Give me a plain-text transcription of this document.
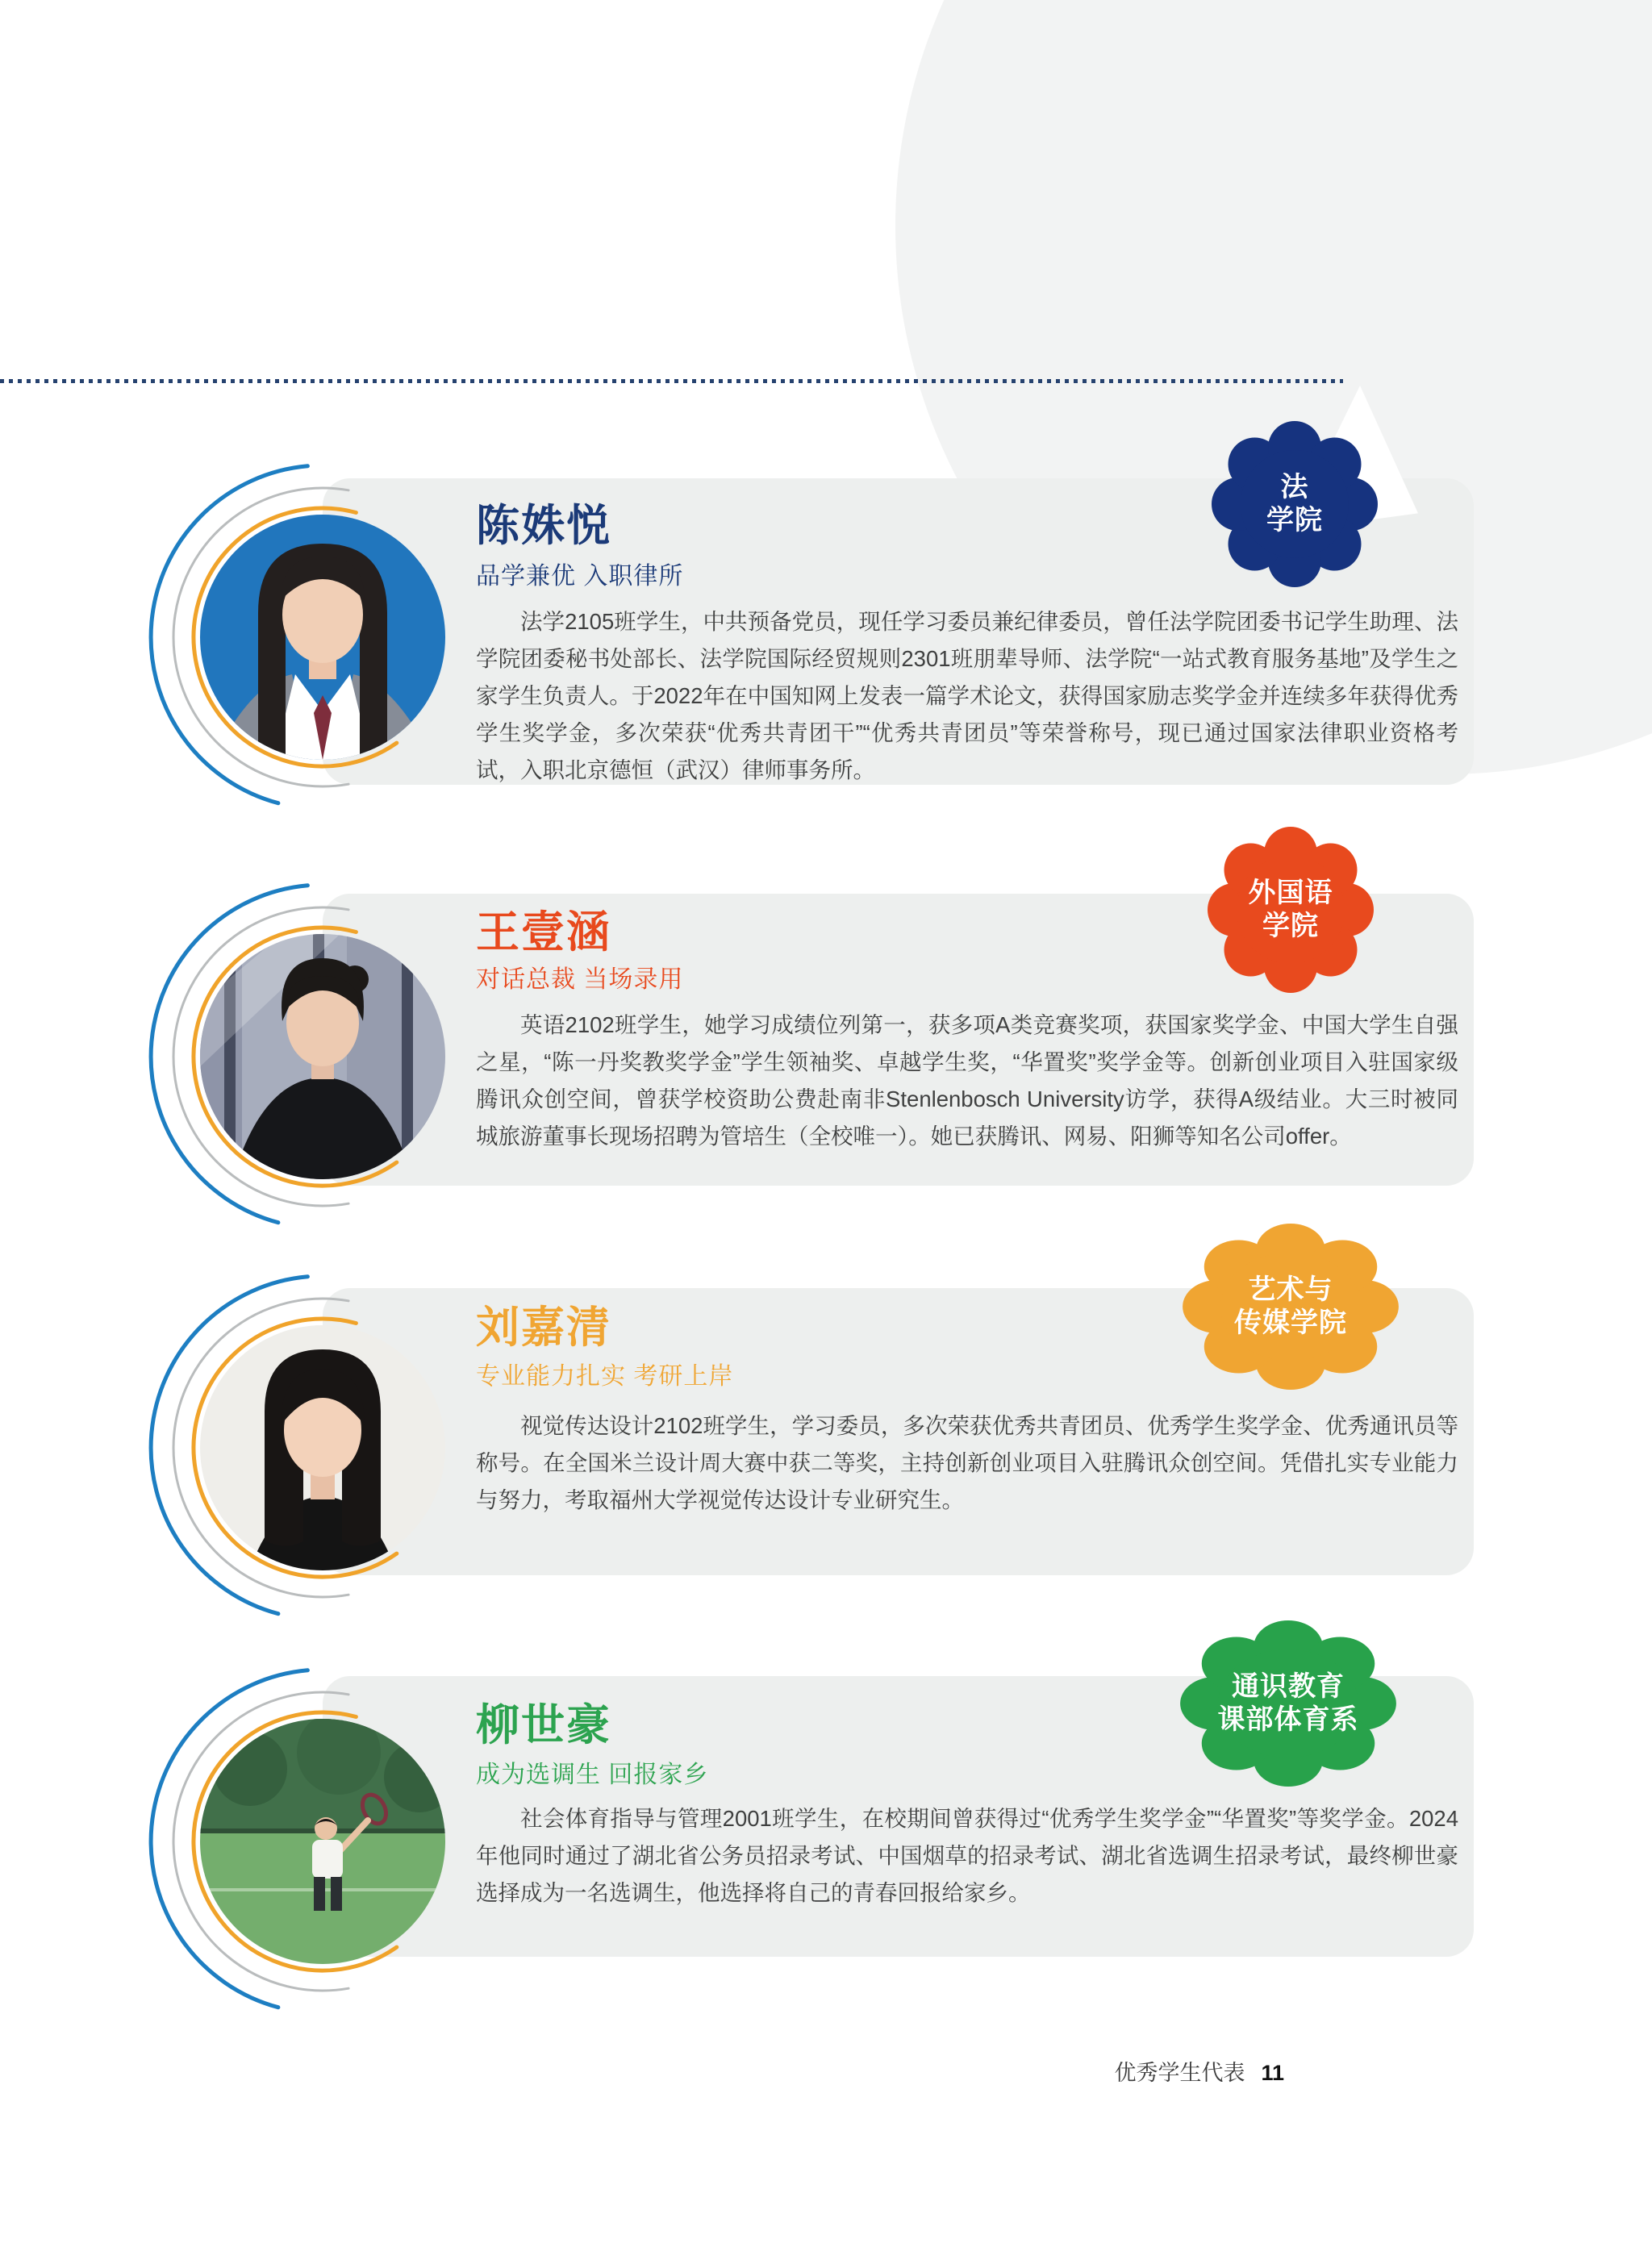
陈姝悦
品学兼优 入职律所

法学2105班学生，中共预备党员，现任学习委员兼纪律委员，曾任法学院团委书记学生助理、法学院团委秘书处部长、法学院国际经贸规则2301班朋辈导师、法学院“一站式教育服务基地”及学生之家学生负责人。于2022年在中国知网上发表一篇学术论文，获得国家励志奖学金并连续多年获得优秀学生奖学金，多次荣获“优秀共青团干”“优秀共青团员”等荣誉称号，现已通过国家法律职业资格考试，入职北京德恒（武汉）律师事务所。

法
学院
王壹涵
对话总裁 当场录用

英语2102班学生，她学习成绩位列第一，获多项A类竞赛奖项，获国家奖学金、中国大学生自强之星，“陈一丹奖教奖学金”学生领袖奖、卓越学生奖，“华置奖”奖学金等。创新创业项目入驻国家级腾讯众创空间，曾获学校资助公费赴南非Stenlenbosch University访学，获得A级结业。大三时被同城旅游董事长现场招聘为管培生（全校唯一）。她已获腾讯、网易、阳狮等知名公司offer。

外国语
学院
刘嘉清
专业能力扎实 考研上岸

视觉传达设计2102班学生，学习委员，多次荣获优秀共青团员、优秀学生奖学金、优秀通讯员等称号。在全国米兰设计周大赛中获二等奖，主持创新创业项目入驻腾讯众创空间。凭借扎实专业能力与努力，考取福州大学视觉传达设计专业研究生。

艺术与
传媒学院
柳世豪
成为选调生 回报家乡

社会体育指导与管理2001班学生，在校期间曾获得过“优秀学生奖学金”“华置奖”等奖学金。2024年他同时通过了湖北省公务员招录考试、中国烟草的招录考试、湖北省选调生招录考试，最终柳世豪选择成为一名选调生，他选择将自己的青春回报给家乡。

通识教育
课部体育系
优秀学生代表 11
